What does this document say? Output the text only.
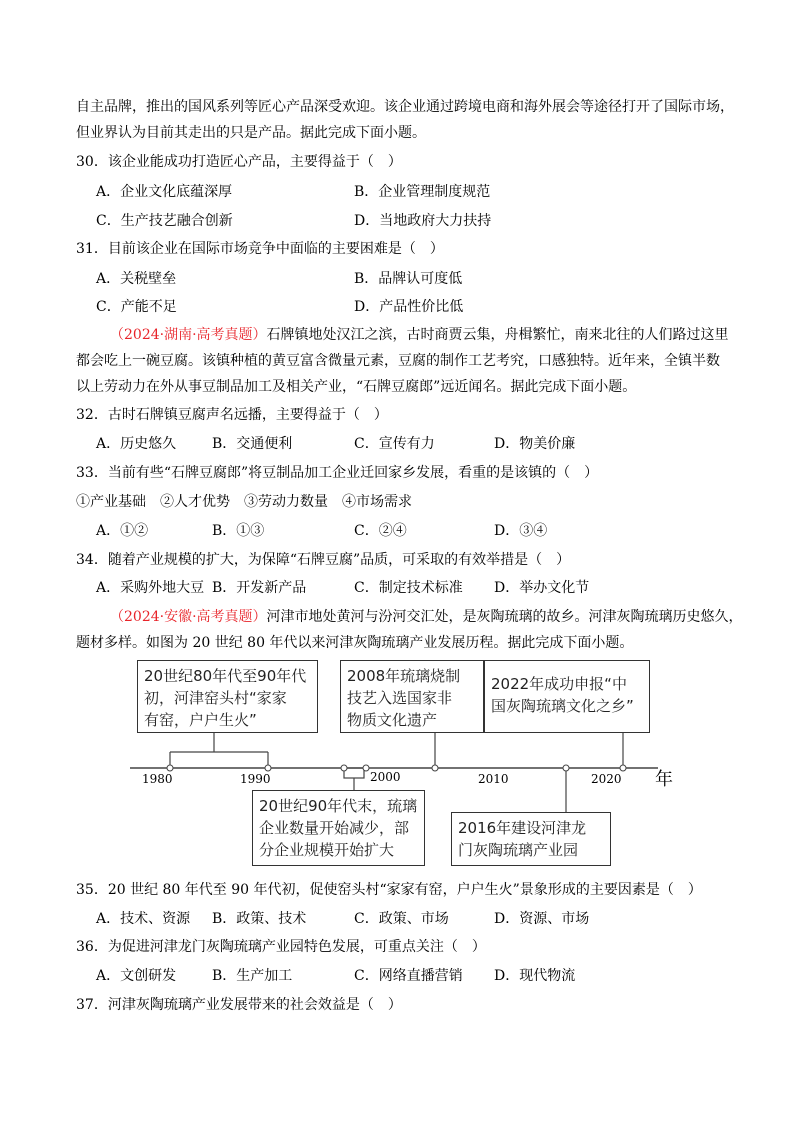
自主品牌，推出的国风系列等匠心产品深受欢迎。该企业通过跨境电商和海外展会等途径打开了国际市场，
但业界认为目前其走出的只是产品。据此完成下面小题。
30．该企业能成功打造匠心产品，主要得益于（　）
A．企业文化底蕴深厚	B．企业管理制度规范
C．生产技艺融合创新	D．当地政府大力扶持
31．目前该企业在国际市场竞争中面临的主要困难是（　）
A．关税壁垒	B．品牌认可度低
C．产能不足	D．产品性价比低
（2024·湖南·高考真题）石牌镇地处汉江之滨，古时商贾云集，舟楫繁忙，南来北往的人们路过这里
都会吃上一碗豆腐。该镇种植的黄豆富含微量元素，豆腐的制作工艺考究，口感独特。近年来，全镇半数
以上劳动力在外从事豆制品加工及相关产业，“石牌豆腐郎”远近闻名。据此完成下面小题。
32．古时石牌镇豆腐声名远播，主要得益于（　）
A．历史悠久	B．交通便利	C．宣传有力	D．物美价廉
33．当前有些“石牌豆腐郎”将豆制品加工企业迁回家乡发展，看重的是该镇的（　）
①产业基础　②人才优势　③劳动力数量　④市场需求
A．①②	B．①③	C．②④	D．③④
34．随着产业规模的扩大，为保障“石牌豆腐”品质，可采取的有效举措是（　）
A．采购外地大豆 B．开发新产品	C．制定技术标准 D．举办文化节
（2024·安徽·高考真题）河津市地处黄河与汾河交汇处，是灰陶琉璃的故乡。河津灰陶琉璃历史悠久，
题材多样。如图为 20 世纪 80 年代以来河津灰陶琉璃产业发展历程。据此完成下面小题。
1980	1990	2000	2010	2020 年
20世纪80年代至90年代
初，河津窑头村“家家
有窑，户户生火”
2008年琉璃烧制
技艺入选国家非
物质文化遗产
2022年成功申报“中
国灰陶琉璃文化之乡”
20世纪90年代末，琉璃
企业数量开始减少，部
分企业规模开始扩大
2016年建设河津龙
门灰陶琉璃产业园
35．20 世纪 80 年代至 90 年代初，促使窑头村“家家有窑，户户生火”景象形成的主要因素是（　）
A．技术、资源 B．政策、技术	C．政策、市场	D．资源、市场
36．为促进河津龙门灰陶琉璃产业园特色发展，可重点关注（　）
A．文创研发	B．生产加工	C．网络直播营销 D．现代物流
37．河津灰陶琉璃产业发展带来的社会效益是（　）
